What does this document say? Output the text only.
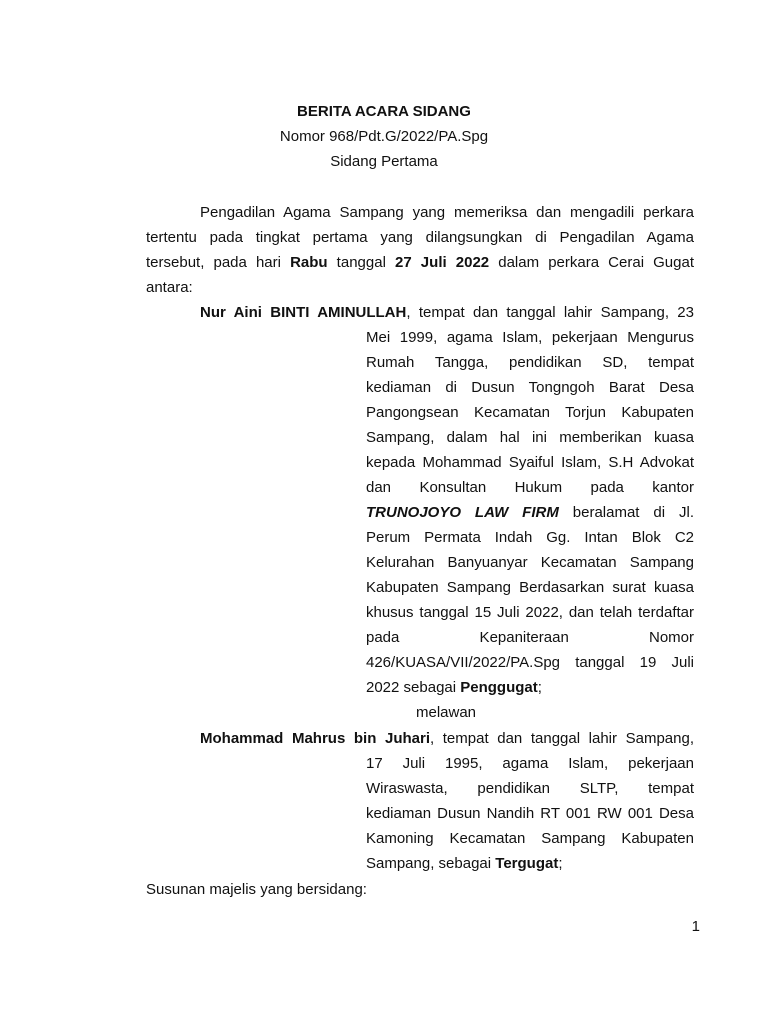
BERITA ACARA SIDANG
Nomor 968/Pdt.G/2022/PA.Spg
Sidang Pertama
Pengadilan Agama Sampang yang memeriksa dan mengadili perkara
tertentu pada tingkat pertama yang dilangsungkan di Pengadilan Agama
tersebut, pada hari Rabu tanggal 27 Juli 2022 dalam perkara Cerai Gugat
antara:
Nur Aini BINTI AMINULLAH, tempat dan tanggal lahir Sampang, 23
Mei 1999, agama Islam, pekerjaan Mengurus
Rumah Tangga, pendidikan SD, tempat
kediaman di Dusun Tongngoh Barat Desa
Pangongsean Kecamatan Torjun Kabupaten
Sampang, dalam hal ini memberikan kuasa
kepada Mohammad Syaiful Islam, S.H Advokat
dan Konsultan Hukum pada kantor
TRUNOJOYO LAW FIRM beralamat di Jl.
Perum Permata Indah Gg. Intan Blok C2
Kelurahan Banyuanyar Kecamatan Sampang
Kabupaten Sampang Berdasarkan surat kuasa
khusus tanggal 15 Juli 2022, dan telah terdaftar
pada Kepaniteraan Nomor
426/KUASA/VII/2022/PA.Spg tanggal 19 Juli
2022 sebagai Penggugat;
melawan
Mohammad Mahrus bin Juhari, tempat dan tanggal lahir Sampang,
17 Juli 1995, agama Islam, pekerjaan
Wiraswasta, pendidikan SLTP, tempat
kediaman Dusun Nandih RT 001 RW 001 Desa
Kamoning Kecamatan Sampang Kabupaten
Sampang, sebagai Tergugat;
Susunan majelis yang bersidang:
1
